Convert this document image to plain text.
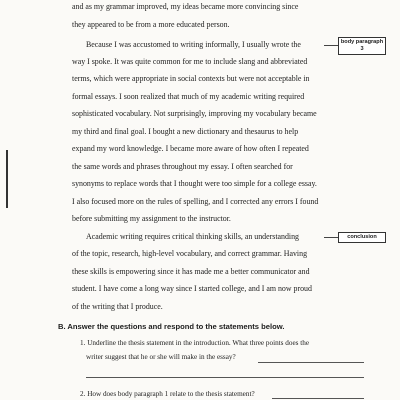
and as my grammar improved, my ideas became more convincing since
they appeared to be from a more educated person.
Because I was accustomed to writing informally, I usually wrote the
way I spoke. It was quite common for me to include slang and abbreviated
terms, which were appropriate in social contexts but were not acceptable in
formal essays. I soon realized that much of my academic writing required
sophisticated vocabulary. Not surprisingly, improving my vocabulary became
my third and final goal. I bought a new dictionary and thesaurus to help
expand my word knowledge. I became more aware of how often I repeated
the same words and phrases throughout my essay. I often searched for
synonyms to replace words that I thought were too simple for a college essay.
I also focused more on the rules of spelling, and I corrected any errors I found
before submitting my assignment to the instructor.
Academic writing requires critical thinking skills, an understanding
of the topic, research, high-level vocabulary, and correct grammar. Having
these skills is empowering since it has made me a better communicator and
student. I have come a long way since I started college, and I am now proud
of the writing that I produce.
body paragraph 3
conclusion
B. Answer the questions and respond to the statements below.
1. Underline the thesis statement in the introduction. What three points does the
writer suggest that he or she will make in the essay?
2. How does body paragraph 1 relate to the thesis statement?
